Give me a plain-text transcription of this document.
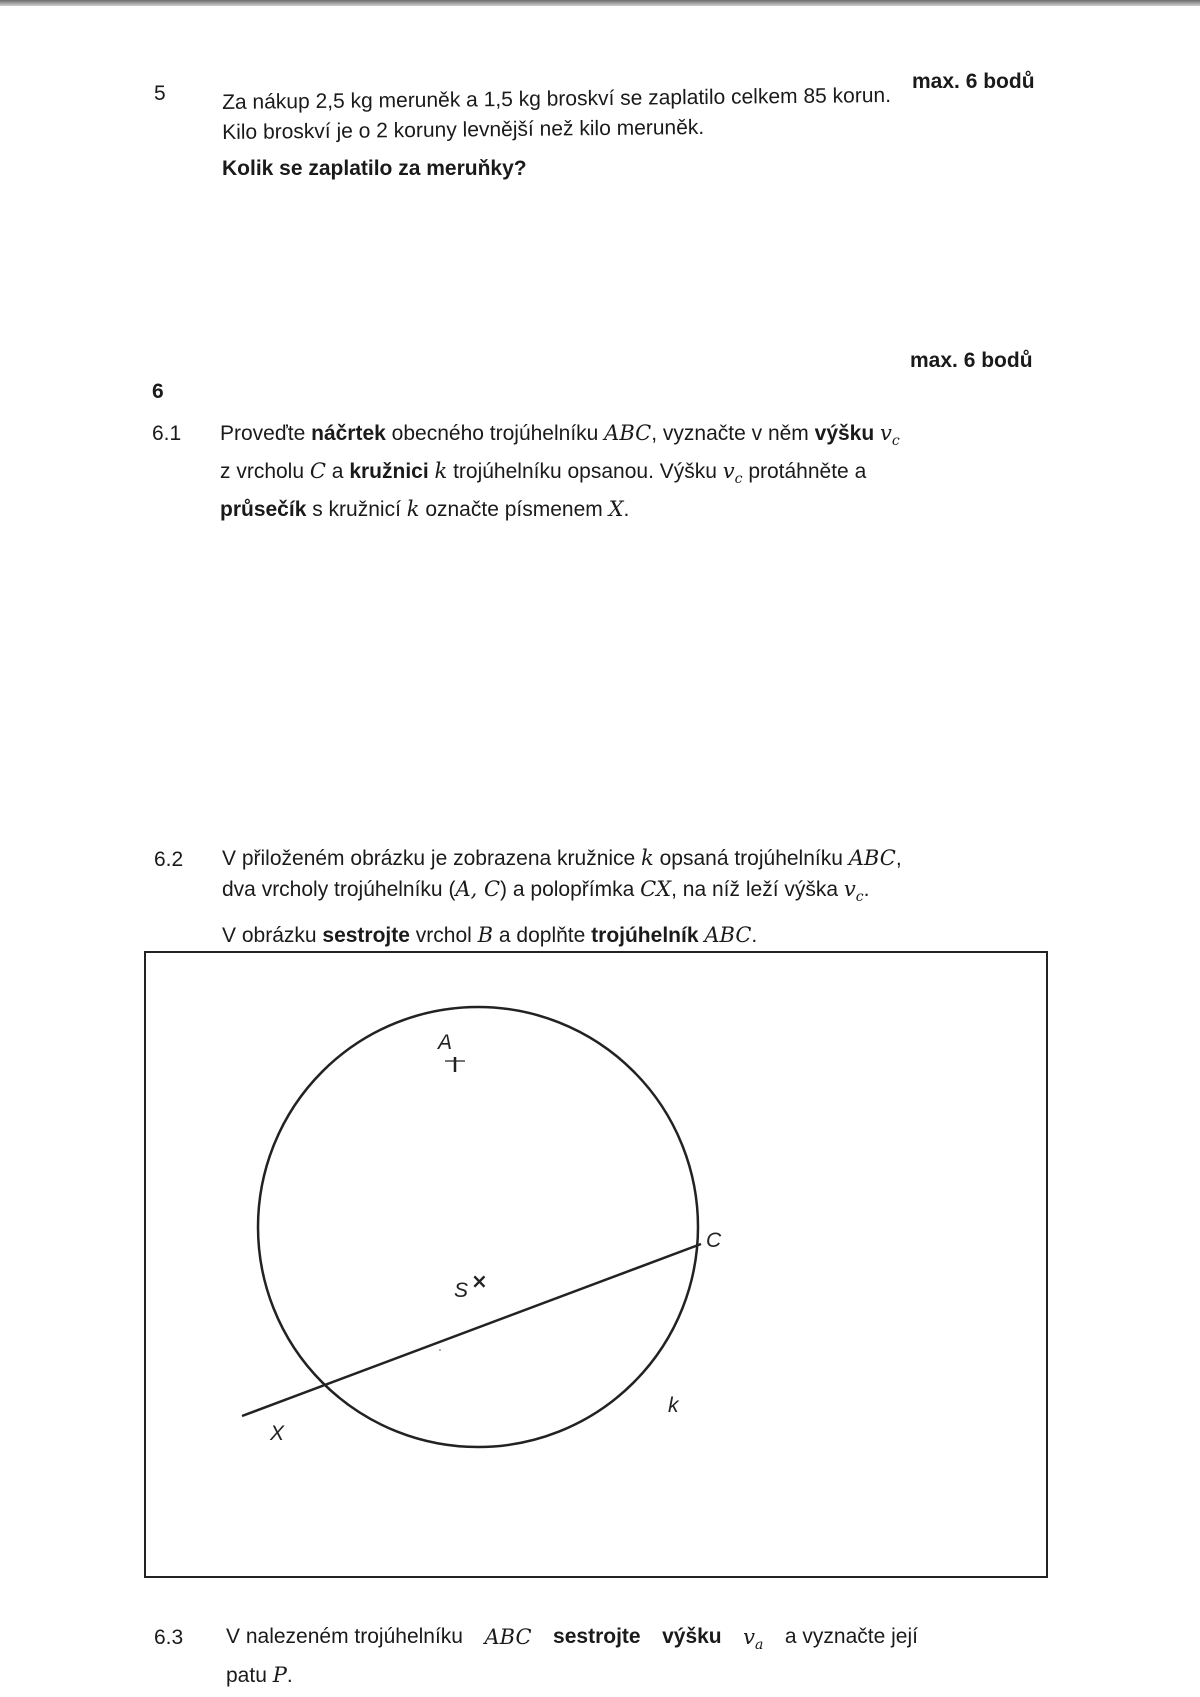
max. 6 bodů
5	Za nákup 2,5 kg meruněk a 1,5 kg broskví se zaplatilo celkem 85 korun.
Kilo broskví je o 2 koruny levnější než kilo meruněk.
Kolik se zaplatilo za meruňky?
max. 6 bodů
6
6.1 Proveďte náčrtek obecného trojúhelníku ABC, vyznačte v něm výšku $v_c$
z vrcholu C a kružnici k trojúhelníku opsanou. Výšku $v_c$ protáhněte a
průsečík s kružnicí k označte písmenem X.
6.2 V přiloženém obrázku je zobrazena kružnice k opsaná trojúhelníku ABC,
dva vrcholy trojúhelníku (A, C) a polopřímka CX, na níž leží výška $v_c$.
V obrázku sestrojte vrchol B a doplňte trojúhelník ABC.
A
C
S ×
X
k
6.3 V nalezeném trojúhelníku ABC sestrojte výšku $v_a$ a vyznačte její
patu P.
